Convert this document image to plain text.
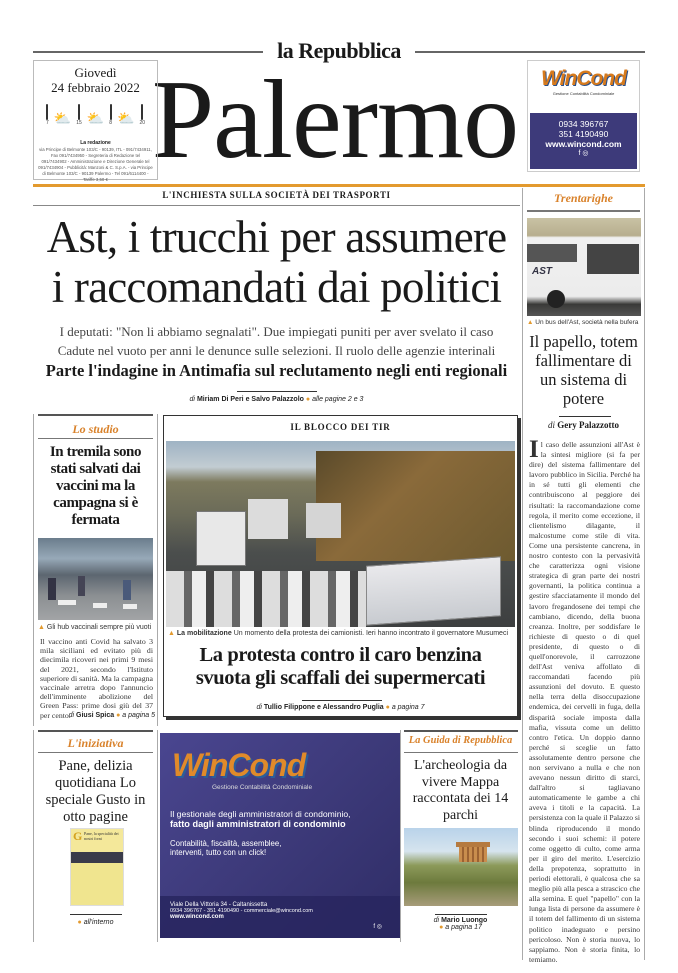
la Repubblica
Palermo
Giovedì
24 febbraio 2022
7 ⛅ 15 ⛅ 8 ⛅ 20
La redazione
via Principe di Belmonte 103/C - 90139, ITL - 091/7434911, Fax 091/7434950 - Segreteria di Redazione tel 091/7434902 - Amministrazione e Direzione Generale tel 091/7434904 - Pubblicità: Manzoni & C. S.p.A. - via Principe di Belmonte 103/C - 90139 Palermo - Tel 091/6114400 - Tariffe 3,50 €
WinCond
Gestione Contabilità Condominiale
0934 396767
351 4190490
www.wincond.com
f ◎
L'INCHIESTA SULLA SOCIETÀ DEI TRASPORTI
Ast, i trucchi per assumere
i raccomandati dai politici
I deputati: "Non li abbiamo segnalati". Due impiegati puniti per aver svelato il caso
Cadute nel vuoto per anni le denunce sulle selezioni. Il ruolo delle agenzie interinali
Parte l'indagine in Antimafia sul reclutamento negli enti regionali
di Miriam Di Peri e Salvo Palazzolo ● alle pagine 2 e 3
Lo studio
In tremila sono stati salvati dai vaccini ma la campagna si è fermata
▲ Gli hub vaccinali sempre più vuoti
Il vaccino anti Covid ha salvato 3 mila siciliani ed evitato più di diecimila ricoveri nei primi 9 mesi del 2021, secondo l'Istituto superiore di sanità. Ma la campagna vaccinale arretra dopo l'annuncio dell'imminente abolizione del Green Pass: prime dosi giù del 37 per cento.
di Giusi Spica ● a pagina 5
IL BLOCCO DEI TIR
▲ La mobilitazione Un momento della protesta dei camionisti. Ieri hanno incontrato il governatore Musumeci
La protesta contro il caro benzina
svuota gli scaffali dei supermercati
di Tullio Filippone e Alessandro Puglia ● a pagina 7
Trentarighe
AST
▲ Un bus dell'Ast, società nella bufera
Il papello, totem fallimentare di un sistema di potere
di Gery Palazzotto
Il caso delle assunzioni all'Ast è la sintesi migliore (si fa per dire) del sistema fallimentare del lavoro pubblico in Sicilia. Perché ha in sé tutti gli elementi che contribuiscono al peggiore dei risultati: la raccomandazione come regola, il merito come eccezione, il clientelismo dilagante, il malcostume come stile di vita. Come una persistente cancrena, in nostro contesto con la pervasività che caratterizza ogni visione strategica di gran parte dei nostri governanti, la politica continua a gestire sfacciatamente il mondo del lavoro fregandosene dei tempi che cambiano, dicendo, della buona creanza. Inoltre, per soddisfare le richieste di questo o di quel presidente, di questo o di quell'onorevole, il carrozzone dell'Ast veniva affollato di raccomandati facendo più assunzioni del dovuto. E questo nella terra della disoccupazione endemica, dei cervelli in fuga, della disparità sociale imposta dalla mafia, vissuta come un delitto contro l'etica. Un doppio danno perché si sceglie un fatto assolutamente dentro persone che non servivano a nulla e che non avevano nessun diritto di starci, dall'altro si tagliavano automaticamente le gambe a chi aveva i titoli e la capacità. La persistenza con la quale il Palazzo si blinda riproducendo il mondo secondo i suoi schemi: il potere come oggetto di culto, come arma per il giro del merito. L'esercizio della prepotenza, soprattutto in periodi elettorali, è qualcosa che sa meglio più alla pesca a strascico che alla semina. E quel "papello" con la lunga lista di persone da assumere è il totem del fallimento di un sistema politico inadeguato e persino pericoloso. Non è storia nuova, lo sappiamo. Non è storia finita, lo temiamo.
L'iniziativa
Pane, delizia quotidiana Lo speciale Gusto in otto pagine
G Pane, la specialità dei nostri forni
● all'interno
WinCond
Gestione Contabilità Condominiale
Il gestionale degli amministratori di condominio,
fatto dagli amministratori di condominio
Contabilità, fiscalità, assemblee,
interventi, tutto con un click!
Viale Della Vittoria 34 - Caltanissetta
0934 396767 - 351 4190490 - commerciale@wincond.com
www.wincond.com
f ◎
La Guida di Repubblica
L'archeologia da vivere Mappa raccontata dei 14 parchi
di Mario Luongo
● a pagina 17
